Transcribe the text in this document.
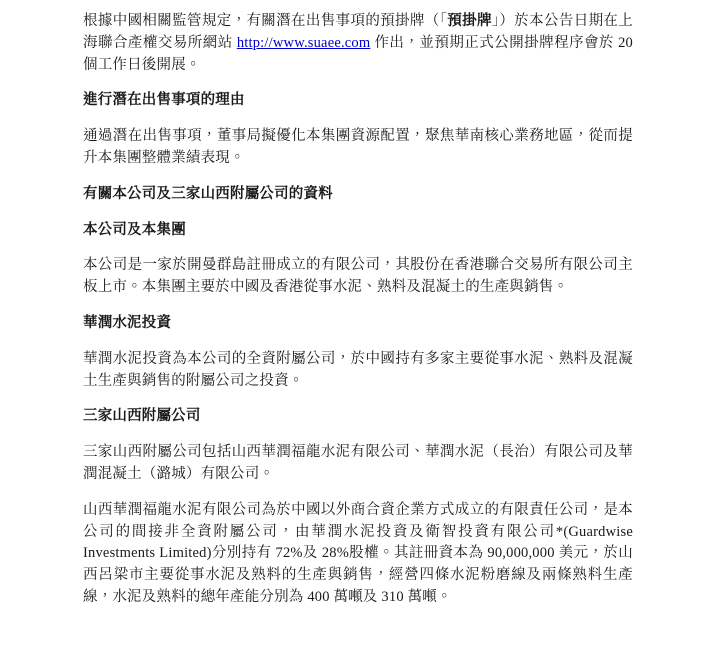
根據中國相關監管規定，有關潛在出售事項的預掛牌（「預掛牌」）於本公告日期在上海聯合產權交易所網站 http://www.suaee.com 作出，並預期正式公開掛牌程序會於 20 個工作日後開展。

進行潛在出售事項的理由

通過潛在出售事項，董事局擬優化本集團資源配置，聚焦華南核心業務地區，從而提升本集團整體業績表現。

有關本公司及三家山西附屬公司的資料
本公司及本集團

本公司是一家於開曼群島註冊成立的有限公司，其股份在香港聯合交易所有限公司主板上市。本集團主要於中國及香港從事水泥、熟料及混凝土的生產與銷售。

華潤水泥投資

華潤水泥投資為本公司的全資附屬公司，於中國持有多家主要從事水泥、熟料及混凝土生產與銷售的附屬公司之投資。

三家山西附屬公司

三家山西附屬公司包括山西華潤福龍水泥有限公司、華潤水泥（長治）有限公司及華潤混凝土（潞城）有限公司。

山西華潤福龍水泥有限公司為於中國以外商合資企業方式成立的有限責任公司，是本公司的間接非全資附屬公司，由華潤水泥投資及衛智投資有限公司*(Guardwise Investments Limited)分別持有 72%及 28%股權。其註冊資本為 90,000,000 美元，於山西呂梁市主要從事水泥及熟料的生產與銷售，經營四條水泥粉磨線及兩條熟料生產線，水泥及熟料的總年產能分別為 400 萬噸及 310 萬噸。
